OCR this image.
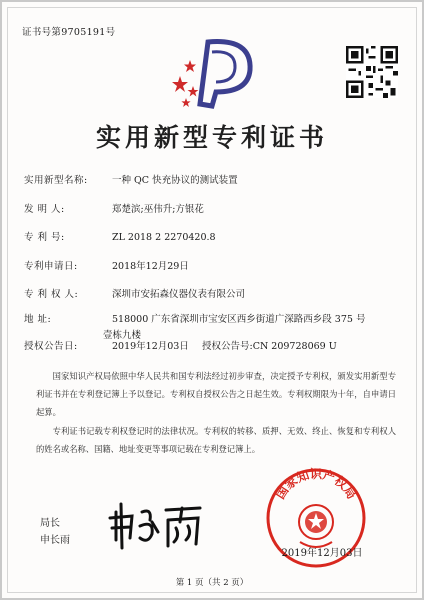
证书号第9705191号
实用新型专利证书
实用新型名称:	一种 QC 快充协议的测试装置
发 明 人:	郑楚滨;巫伟升;方银花
专 利 号:	ZL 2018 2 2270420.8
专利申请日:	2018年12月29日
专 利 权 人:	深圳市安拓森仪器仪表有限公司
地 址:	518000 广东省深圳市宝安区西乡街道广深路西乡段 375 号
壹栋九楼
授权公告日:	2019年12月03日 授权公告号:CN 209728069 U
国家知识产权局依照中华人民共和国专利法经过初步审查，决定授予专利权，颁发实用新型专利证书并在专利登记簿上予以登记。专利权自授权公告之日起生效。专利权期限为十年，自申请日起算。
专利证书记载专利权登记时的法律状况。专利权的转移、质押、无效、终止、恢复和专利权人的姓名或名称、国籍、地址变更等事项记载在专利登记簿上。
局长
申长雨
国家知识产权局
2019年12月03日
第 1 页（共 2 页）
